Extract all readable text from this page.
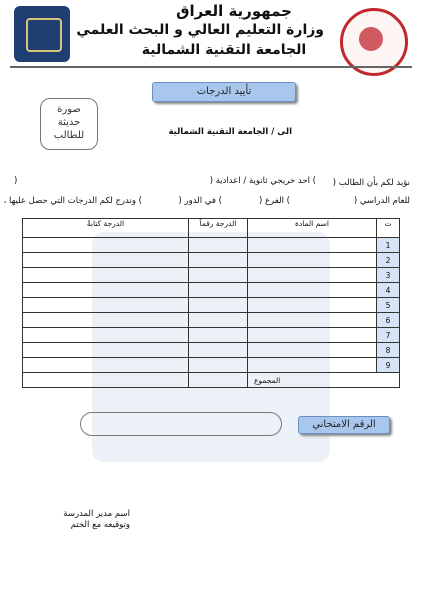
جمهورية العراق
وزارة التعليم العالي و البحث العلمي
الجامعة التقنية الشمالية
تأييد الدرجات
صورة
حديثة
للطالب	الى / الجامعة التقنية الشمالية
نؤيد لكم بأن الطالب (
) احد خريجي ثانوية / اعدادية (
)
للعام الدراسي (
) الفرع (
) في الدور (
) وندرج لكم الدرجات التي حصل عليها ،
ت	اسم المادة	الدرجة رقماً	الدرجة كتابةً
1			
2			
3			
4			
5			
6			
7			
8			
9			
المجموع			
الرقم الامتحاني
اسم مدير المدرسة
وتوقيعه مع الختم
